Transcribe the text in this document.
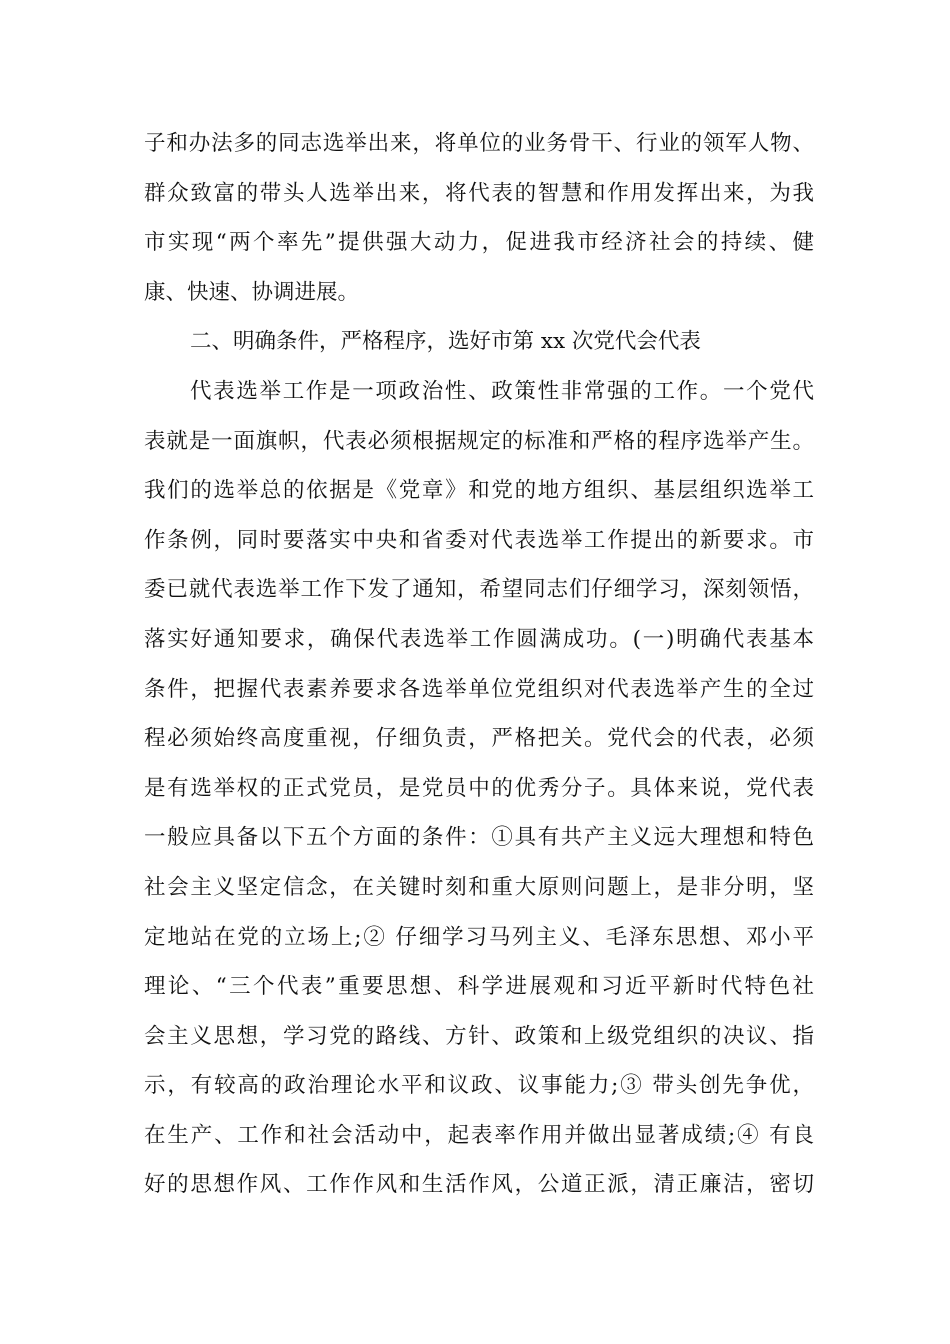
子和办法多的同志选举出来，将单位的业务骨干、行业的领军人物、
群众致富的带头人选举出来，将代表的智慧和作用发挥出来，为我
市实现“两个率先”提供强大动力，促进我市经济社会的持续、健
康、快速、协调进展。
二、明确条件，严格程序，选好市第 xx 次党代会代表
代表选举工作是一项政治性、政策性非常强的工作。一个党代
表就是一面旗帜，代表必须根据规定的标准和严格的程序选举产生。
我们的选举总的依据是《党章》和党的地方组织、基层组织选举工
作条例，同时要落实中央和省委对代表选举工作提出的新要求。市
委已就代表选举工作下发了通知，希望同志们仔细学习，深刻领悟，
落实好通知要求，确保代表选举工作圆满成功。(一)明确代表基本
条件，把握代表素养要求各选举单位党组织对代表选举产生的全过
程必须始终高度重视，仔细负责，严格把关。党代会的代表，必须
是有选举权的正式党员，是党员中的优秀分子。具体来说，党代表
一般应具备以下五个方面的条件：①具有共产主义远大理想和特色
社会主义坚定信念，在关键时刻和重大原则问题上，是非分明，坚
定地站在党的立场上;② 仔细学习马列主义、毛泽东思想、邓小平
理论、“三个代表”重要思想、科学进展观和习近平新时代特色社
会主义思想，学习党的路线、方针、政策和上级党组织的决议、指
示，有较高的政治理论水平和议政、议事能力;③ 带头创先争优，
在生产、工作和社会活动中，起表率作用并做出显著成绩;④ 有良
好的思想作风、工作作风和生活作风，公道正派，清正廉洁，密切
